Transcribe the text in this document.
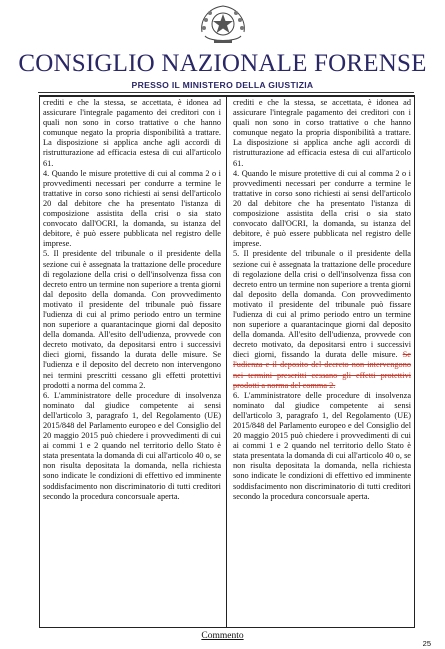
CONSIGLIO NAZIONALE FORENSE
PRESSO IL MINISTERO DELLA GIUSTIZIA

crediti e che la stessa, se accettata, è idonea ad assicurare l'integrale pagamento dei creditori con i quali non sono in corso trattative o che hanno comunque negato la propria disponibilità a trattare. La disposizione si applica anche agli accordi di ristrutturazione ad efficacia estesa di cui all'articolo 61.

4. Quando le misure protettive di cui al comma 2 o i provvedimenti necessari per condurre a termine le trattative in corso sono richiesti ai sensi dell'articolo 20 dal debitore che ha presentato l'istanza di composizione assistita della crisi o sia stato convocato dall'OCRI, la domanda, su istanza del debitore, è può essere pubblicata nel registro delle imprese.

5. Il presidente del tribunale o il presidente della sezione cui è assegnata la trattazione delle procedure di regolazione della crisi o dell'insolvenza fissa con decreto entro un termine non superiore a trenta giorni dal deposito della domanda. Con provvedimento motivato il presidente del tribunale può fissare l'udienza di cui al primo periodo entro un termine non superiore a quarantacinque giorni dal deposito della domanda. All'esito dell'udienza, provvede con decreto motivato, da depositarsi entro i successivi dieci giorni, fissando la durata delle misure. Se l'udienza e il deposito del decreto non intervengono nei termini prescritti cessano gli effetti protettivi prodotti a norma del comma 2.

6. L'amministratore delle procedure di insolvenza nominato dal giudice competente ai sensi dell'articolo 3, paragrafo 1, del Regolamento (UE) 2015/848 del Parlamento europeo e del Consiglio del 20 maggio 2015 può chiedere i provvedimenti di cui ai commi 1 e 2 quando nel territorio dello Stato è stata presentata la domanda di cui all'articolo 40 o, se non risulta depositata la domanda, nella richiesta sono indicate le condizioni di effettivo ed imminente soddisfacimento non discriminatorio di tutti creditori secondo la procedura concorsuale aperta.

crediti e che la stessa, se accettata, è idonea ad assicurare l'integrale pagamento dei creditori con i quali non sono in corso trattative o che hanno comunque negato la propria disponibilità a trattare. La disposizione si applica anche agli accordi di ristrutturazione ad efficacia estesa di cui all'articolo 61.

4. Quando le misure protettive di cui al comma 2 o i provvedimenti necessari per condurre a termine le trattative in corso sono richiesti ai sensi dell'articolo 20 dal debitore che ha presentato l'istanza di composizione assistita della crisi o sia stato convocato dall'OCRI, la domanda, su istanza del debitore, è può essere pubblicata nel registro delle imprese.

5. Il presidente del tribunale o il presidente della sezione cui è assegnata la trattazione delle procedure di regolazione della crisi o dell'insolvenza fissa con decreto entro un termine non superiore a trenta giorni dal deposito della domanda. Con provvedimento motivato il presidente del tribunale può fissare l'udienza di cui al primo periodo entro un termine non superiore a quarantacinque giorni dal deposito della domanda. All'esito dell'udienza, provvede con decreto motivato, da depositarsi entro i successivi dieci giorni, fissando la durata delle misure. Se l'udienza e il deposito del decreto non intervengono nei termini prescritti cessano gli effetti protettivi prodotti a norma del comma 2.

6. L'amministratore delle procedure di insolvenza nominato dal giudice competente ai sensi dell'articolo 3, paragrafo 1, del Regolamento (UE) 2015/848 del Parlamento europeo e del Consiglio del 20 maggio 2015 può chiedere i provvedimenti di cui ai commi 1 e 2 quando nel territorio dello Stato è stata presentata la domanda di cui all'articolo 40 o, se non risulta depositata la domanda, nella richiesta sono indicate le condizioni di effettivo ed imminente soddisfacimento non discriminatorio di tutti creditori secondo la procedura concorsuale aperta.

Commento
25
